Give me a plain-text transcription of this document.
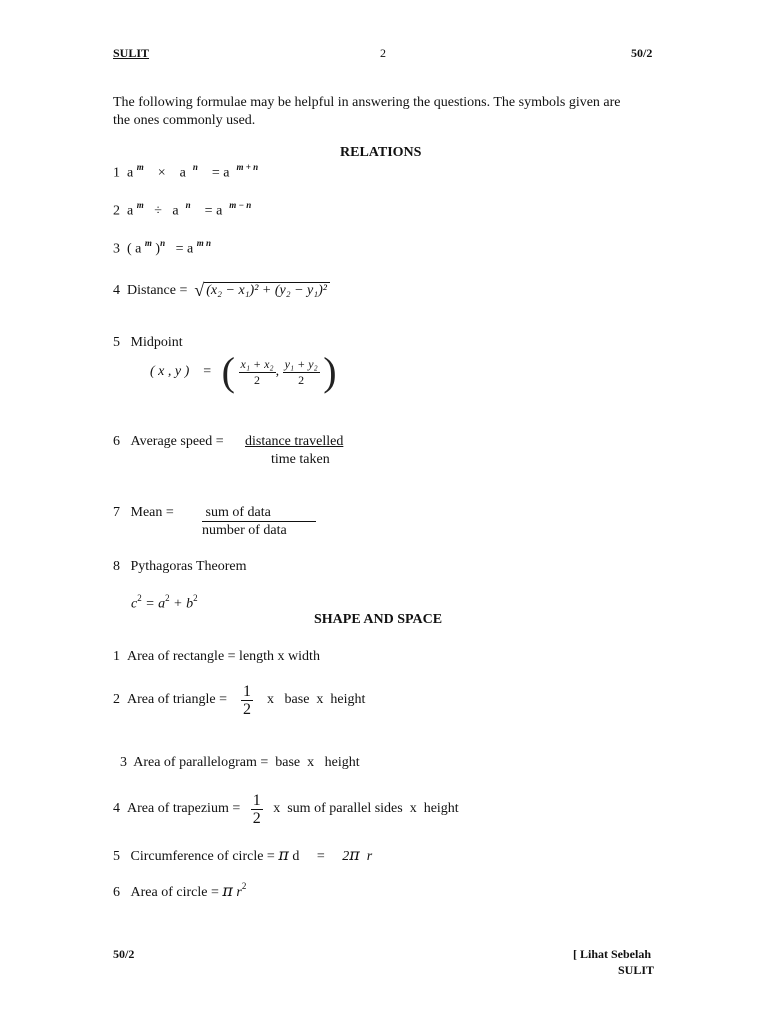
SULIT	2	50/2
The following formulae may be helpful in answering the questions. The symbols given are
the ones commonly used.
RELATIONS
1 a $^m$ × a $^n$ = a $^{m + n}$
2 a $^m$ ÷ a $^n$ = a $^{m - n}$
3 ( a $^m$ )$^n$ = a $^{m n}$
4 Distance = √ (x₂ − x₁)² + (y₂ − y₁)²
5 Midpoint
( x , y ) = ( $\frac{\text{x₁ + x₂}}{2}$ , $\frac{\text{y₁ + y₂}}{2}$ )
6 Average speed = distance travelled
time taken
7 Mean = sum of data
number of data
8 Pythagoras Theorem
$c^2 = a^2 + b^2$
SHAPE AND SPACE
1 Area of rectangle = length x width
2 Area of triangle = $\frac{1}{2}$ x   base  x  height

3 Area of parallelogram =  base  x   height

4 Area of trapezium = $\frac{1}{2}$ x  sum of parallel sides  x  height
5 Circumference of circle = π d = 2π r
6 Area of circle = π $r^2$
50/2	[ Lihat Sebelah
SULIT
